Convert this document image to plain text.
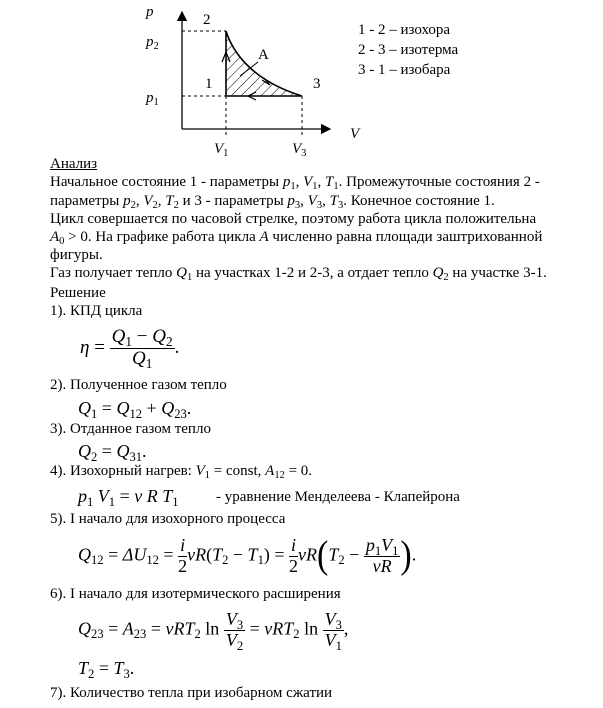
p	2
$p_2$
A
1	3
$p_1$
V
$V_1$	$V_3$
1 - 2 – изохора
2 - 3 – изотерма
3 - 1 – изобара
Анализ
Начальное состояние 1 - параметры $p_1$, $V_1$, $T_1$. Промежуточные состояния 2 -
параметры $p_2$, $V_2$, $T_2$ и 3 - параметры $p_3$, $V_3$, $T_3$. Конечное состояние 1.
Цикл совершается по часовой стрелке, поэтому работа цикла положительна
$A_0 > 0$. На графике работа цикла A численно равна площади заштрихованной
фигуры.
Газ получает тепло $Q_1$ на участках 1-2 и 2-3, а отдает тепло $Q_2$ на участке 3-1.
Решение
1). КПД цикла
$\eta = \frac{Q_1 - Q_2}{Q_1}$ .
2). Полученное газом тепло
$Q_1 = Q_{12} + Q_{23}$.
3). Отданное газом тепло
$Q_2 = Q_{31}$.
4). Изохорный нагрев: $V_1$ = const, $A_{12} = 0$.
$p_1$ $V_1 = \nu$ R $T_1$ - уравнение Менделеева - Клапейрона
5). I начало для изохорного процесса
$Q_{12} = \Delta U_{12} = \frac{i}{2} \nu R(T_2 - T_1) = \frac{i}{2} \nu R(T_2 - \frac{p_1V_1}{\nu R}$ ).
6). I начало для изотермического расширения
$Q_{23} = A_{23} = \nu RT_2$ $\ln \frac{V_3}{V_2} = \nu RT_2$ $\ln \frac{V_3}{V_1}$ ,
$T_2 = T_3$.
7). Количество тепла при изобарном сжатии
